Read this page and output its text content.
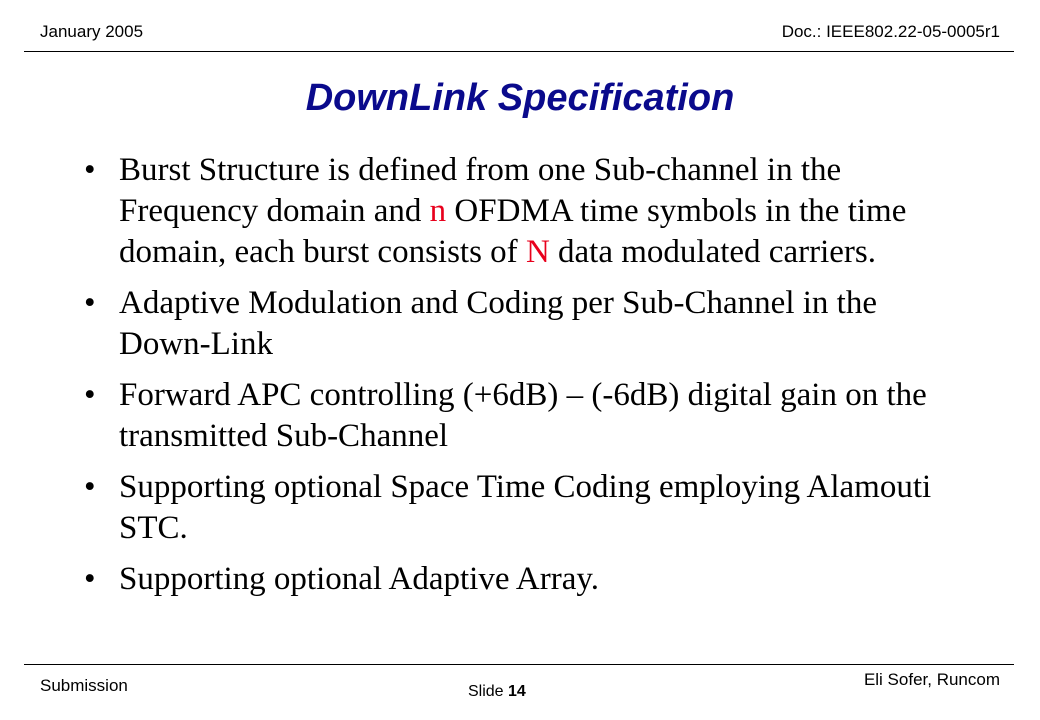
January 2005	Doc.: IEEE802.22-05-0005r1
DownLink Specification
• Burst Structure is defined from one Sub-channel in the Frequency domain and n OFDMA time symbols in the time domain, each burst consists of N data modulated carriers.
• Adaptive Modulation and Coding per Sub-Channel in the Down-Link
• Forward APC controlling (+6dB) – (-6dB) digital gain on the transmitted Sub-Channel
• Supporting optional Space Time Coding employing Alamouti STC.
• Supporting optional Adaptive Array.
Submission	Slide 14
Eli Sofer, Runcom
